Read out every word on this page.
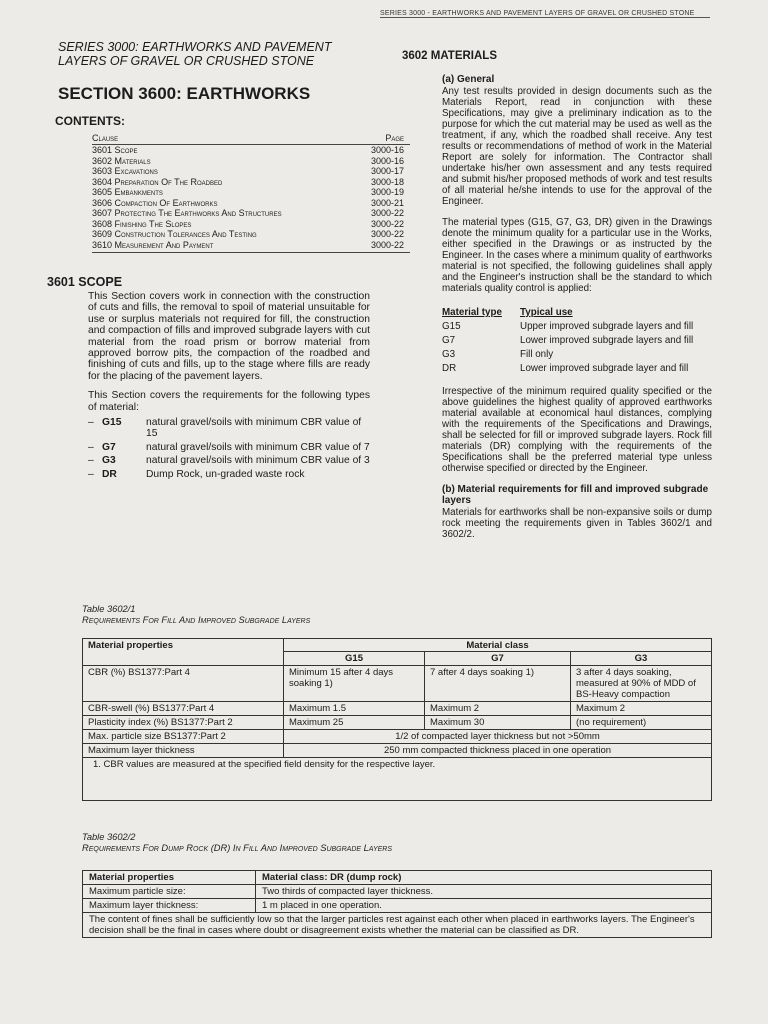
SERIES 3000 - EARTHWORKS AND PAVEMENT LAYERS OF GRAVEL OR CRUSHED STONE
SERIES 3000: EARTHWORKS AND PAVEMENT LAYERS OF GRAVEL OR CRUSHED STONE
SECTION 3600: EARTHWORKS
CONTENTS:
Clause	Page
3601 Scope	3000-16
3602 Materials	3000-16
3603 Excavations	3000-17
3604 Preparation Of The Roadbed	3000-18
3605 Embankments	3000-19
3606 Compaction Of Earthworks	3000-21
3607 Protecting The Earthworks And Structures	3000-22
3608 Finishing The Slopes	3000-22
3609 Construction Tolerances And Testing	3000-22
3610 Measurement And Payment	3000-22
3601 SCOPE
This Section covers work in connection with the construction of cuts and fills, the removal to spoil of material unsuitable for use or surplus materials not required for fill, the construction and compaction of fills and improved subgrade layers with cut material from the road prism or borrow material from approved borrow pits, the compaction of the roadbed and finishing of cuts and fills, up to the stage where fills are ready for the placing of the pavement layers.
This Section covers the requirements for the following types of material:
– G15	natural gravel/soils with minimum CBR value of 15
– G7	natural gravel/soils with minimum CBR value of 7
– G3	natural gravel/soils with minimum CBR value of 3
– DR	Dump Rock, un-graded waste rock
3602 MATERIALS
(a) General
Any test results provided in design documents such as the Materials Report, read in conjunction with these Specifications, may give a preliminary indication as to the purpose for which the cut material may be used as well as the treatment, if any, which the roadbed shall receive. Any test results or recommendations of method of work in the Material Report are solely for information. The Contractor shall undertake his/her own assessment and any tests required and submit his/her proposed methods of work and test results of all material he/she intends to use for the approval of the Engineer.
The material types (G15, G7, G3, DR) given in the Drawings denote the minimum quality for a particular use in the Works, either specified in the Drawings or as instructed by the Engineer. In the cases where a minimum quality of earthworks material is not specified, the following guidelines shall apply and the Engineer's instruction shall be the standard to which materials quality control is applied:
Material type	Typical use
G15	Upper improved subgrade layers and fill
G7	Lower improved subgrade layers and fill
G3	Fill only
DR	Lower improved subgrade layer and fill
Irrespective of the minimum required quality specified or the above guidelines the highest quality of approved earthworks material available at economical haul distances, complying with the requirements of the Specifications and Drawings, shall be selected for fill or improved subgrade layers. Rock fill materials (DR) complying with the requirements of the Specifications shall be the preferred material type unless otherwise specified or directed by the Engineer.
(b) Material requirements for fill and improved subgrade layers
Materials for earthworks shall be non-expansive soils or dump rock meeting the requirements given in Tables 3602/1 and 3602/2.
Table 3602/1
Requirements For Fill And Improved Subgrade Layers
Material properties	Material class		
	G15	G7	G3
CBR (%) BS1377:Part 4	Minimum 15 after 4 days soaking 1)	7 after 4 days soaking 1)	3 after 4 days soaking, measured at 90% of MDD of BS-Heavy compaction
CBR-swell (%) BS1377:Part 4	Maximum 1.5	Maximum 2	Maximum 2
Plasticity index (%) BS1377:Part 2	Maximum 25	Maximum 30	(no requirement)
Max. particle size BS1377:Part 2	1/2 of compacted layer thickness but not >50mm		
Maximum layer thickness	250 mm compacted thickness placed in one operation		
1. CBR values are measured at the specified field density for the respective layer.			
Table 3602/2
Requirements For Dump Rock (DR) In Fill And Improved Subgrade Layers
Material properties	Material class: DR (dump rock)
Maximum particle size:	Two thirds of compacted layer thickness.
Maximum layer thickness:	1 m placed in one operation.
The content of fines shall be sufficiently low so that the larger particles rest against each other when placed in earthworks layers. The Engineer's decision shall be the final in cases where doubt or disagreement exists whether the material can be classified as DR.	
